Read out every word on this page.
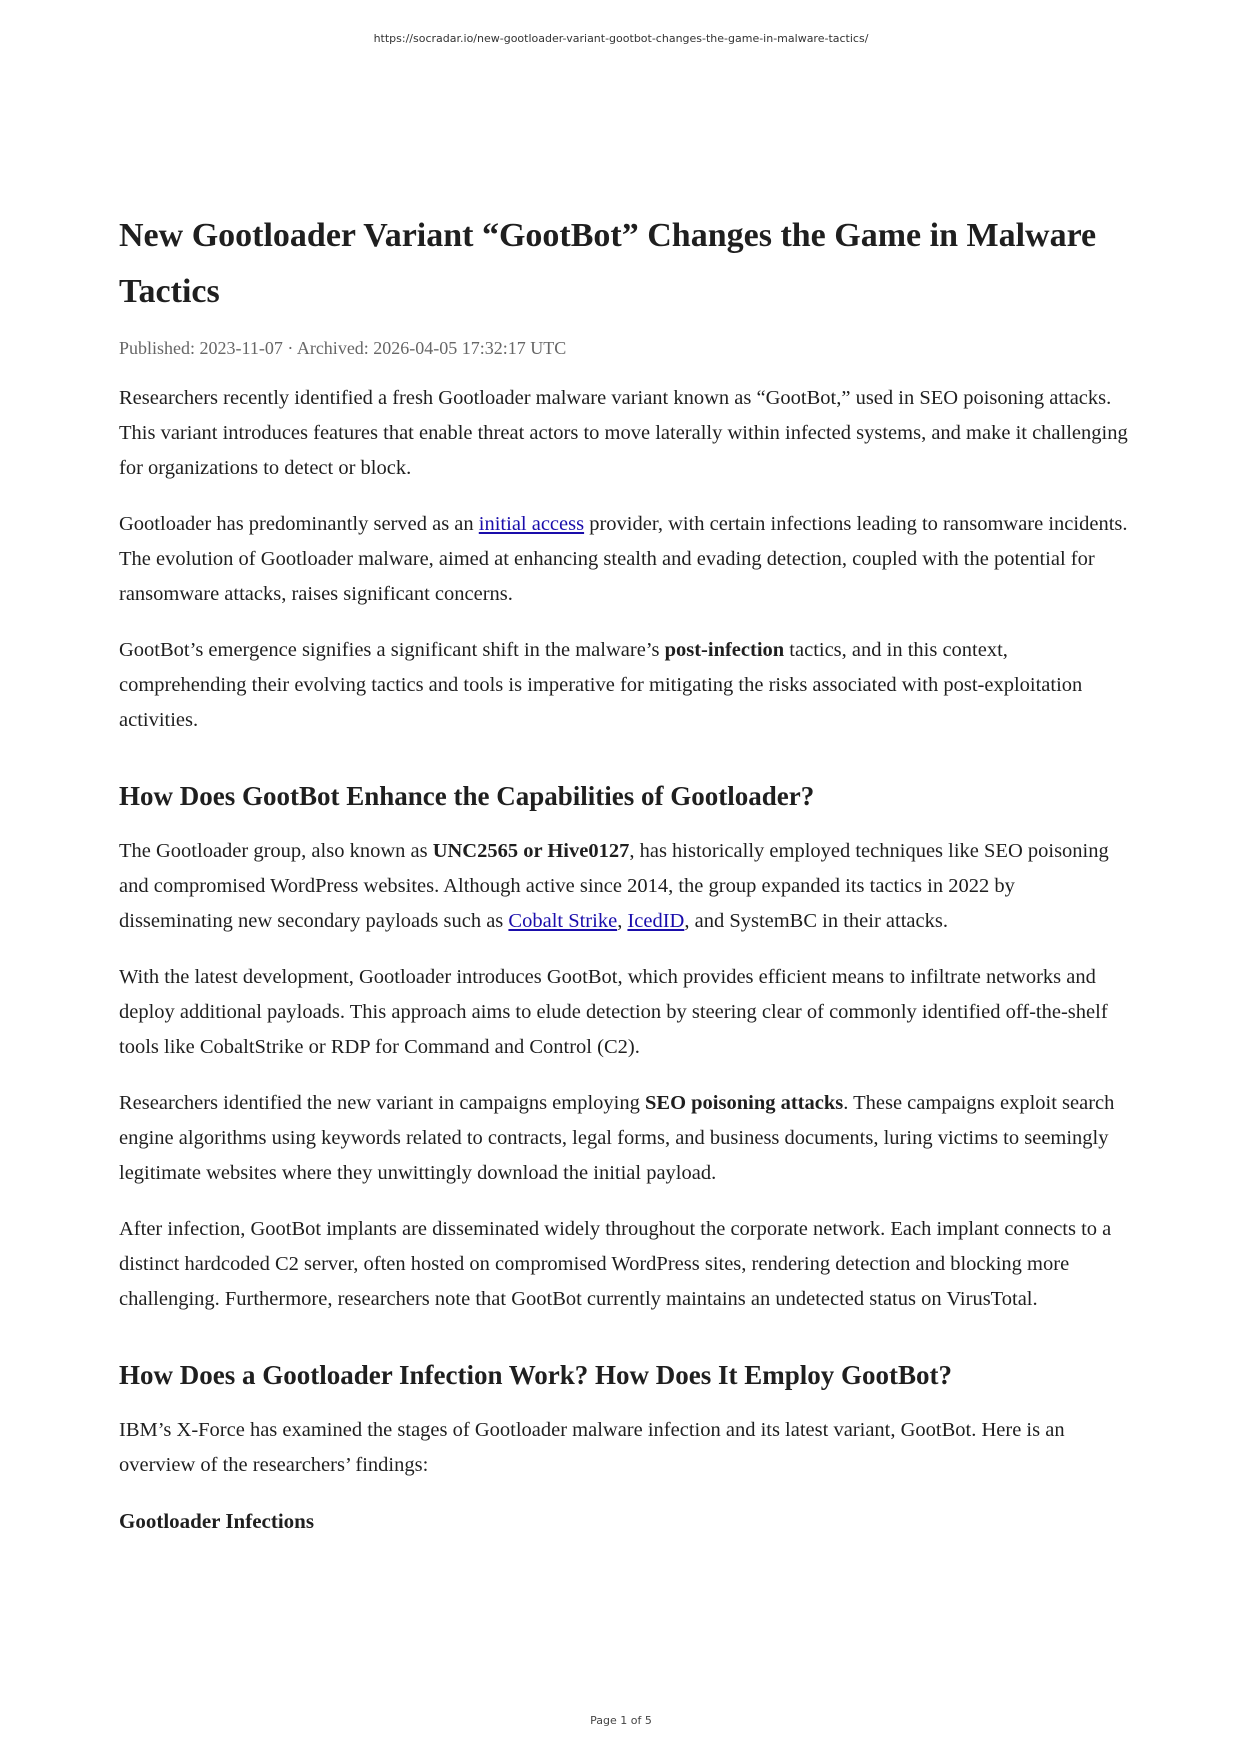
https://socradar.io/new-gootloader-variant-gootbot-changes-the-game-in-malware-tactics/
New Gootloader Variant “GootBot” Changes the Game in Malware Tactics
Published: 2023-11-07 · Archived: 2026-04-05 17:32:17 UTC

Researchers recently identified a fresh Gootloader malware variant known as “GootBot,” used in SEO poisoning attacks. This variant introduces features that enable threat actors to move laterally within infected systems, and make it challenging for organizations to detect or block.

Gootloader has predominantly served as an initial access provider, with certain infections leading to ransomware incidents. The evolution of Gootloader malware, aimed at enhancing stealth and evading detection, coupled with the potential for ransomware attacks, raises significant concerns.

GootBot’s emergence signifies a significant shift in the malware’s post-infection tactics, and in this context, comprehending their evolving tactics and tools is imperative for mitigating the risks associated with post-exploitation activities.

How Does GootBot Enhance the Capabilities of Gootloader?

The Gootloader group, also known as UNC2565 or Hive0127, has historically employed techniques like SEO poisoning and compromised WordPress websites. Although active since 2014, the group expanded its tactics in 2022 by disseminating new secondary payloads such as Cobalt Strike, IcedID, and SystemBC in their attacks.

With the latest development, Gootloader introduces GootBot, which provides efficient means to infiltrate networks and deploy additional payloads. This approach aims to elude detection by steering clear of commonly identified off-the-shelf tools like CobaltStrike or RDP for Command and Control (C2).

Researchers identified the new variant in campaigns employing SEO poisoning attacks. These campaigns exploit search engine algorithms using keywords related to contracts, legal forms, and business documents, luring victims to seemingly legitimate websites where they unwittingly download the initial payload.

After infection, GootBot implants are disseminated widely throughout the corporate network. Each implant connects to a distinct hardcoded C2 server, often hosted on compromised WordPress sites, rendering detection and blocking more challenging. Furthermore, researchers note that GootBot currently maintains an undetected status on VirusTotal.

How Does a Gootloader Infection Work? How Does It Employ GootBot?

IBM’s X-Force has examined the stages of Gootloader malware infection and its latest variant, GootBot. Here is an overview of the researchers’ findings:

Gootloader Infections
Page 1 of 5
